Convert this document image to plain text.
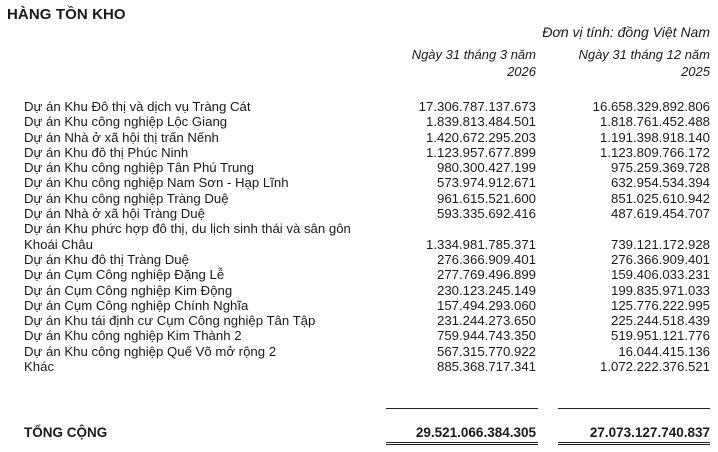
HÀNG TỒN KHO
Đơn vị tính: đồng Việt Nam
Ngày 31 tháng 3 năm
2026
Ngày 31 tháng 12 năm
2025
Dự án Khu Đô thị và dịch vụ Tràng Cát	17.306.787.137.673	16.658.329.892.806
Dự án Khu công nghiệp Lộc Giang	1.839.813.484.501	1.818.761.452.488
Dự án Nhà ở xã hội thị trấn Nếnh	1.420.672.295.203	1.191.398.918.140
Dự án Khu đô thị Phúc Ninh	1.123.957.677.899	1.123.809.766.172
Dự án Khu công nghiệp Tân Phú Trung	980.300.427.199	975.259.369.728
Dự án Khu công nghiệp Nam Sơn - Hạp Lĩnh	573.974.912.671	632.954.534.394
Dự án Khu công nghiệp Tràng Duệ	961.615.521.600	851.025.610.942
Dự án Nhà ở xã hội Tràng Duệ	593.335.692.416	487.619.454.707
Dự án Khu phức hợp đô thị, du lịch sinh thái và sân gôn Khoái Châu	1.334.981.785.371	739.121.172.928
Dự án Khu đô thị Tràng Duệ	276.366.909.401	276.366.909.401
Dự án Cụm Công nghiệp Đặng Lễ	277.769.496.899	159.406.033.231
Dự án Cụm Công nghiệp Kim Động	230.123.245.149	199.835.971.033
Dự án Cụm Công nghiệp Chính Nghĩa	157.494.293.060	125.776.222.995
Dự án Khu tái định cư Cụm Công nghiệp Tân Tập	231.244.273.650	225.244.518.439
Dự án Khu công nghiệp Kim Thành 2	759.944.743.350	519.951.121.776
Dự án Khu công nghiệp Quế Võ mở rộng 2	567.315.770.922	16.044.415.136
Khác	885.368.717.341	1.072.222.376.521
TỔNG CỘNG	29.521.066.384.305	27.073.127.740.837
